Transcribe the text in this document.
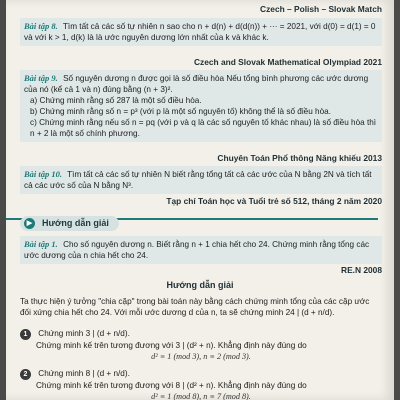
Czech – Polish – Slovak Match
Bài tập 8. Tìm tất cả các số tự nhiên n sao cho n + d(n) + d(d(n)) + ··· = 2021, với d(0) = d(1) = 0 và với k > 1, d(k) là là ước nguyên dương lớn nhất của k và khác k.
Czech and Slovak Mathematical Olympiad 2021
Bài tập 9. Số nguyên dương n được gọi là số điều hòa Nếu tổng bình phương các ước dương của nó (kể cả 1 và n) đúng bằng (n + 3)².
a) Chứng minh rằng số 287 là một số điều hòa.
b) Chứng minh rằng số n = p³ (với p là một số nguyên tố) không thể là số điều hòa.
c) Chứng minh rằng nếu số n = pq (với p và q là các số nguyên tố khác nhau) là số điều hòa thì n + 2 là một số chính phương.
Chuyên Toán Phổ thông Năng khiếu 2013
Bài tập 10. Tìm tất cả các số tự nhiên N biết rằng tổng tất cả các ước của N bằng 2N và tích tất cả các ước số của N bằng N³.
Tạp chí Toán học và Tuổi trẻ số 512, tháng 2 năm 2020
▶	Hướng dẫn giải
Bài tập 1. Cho số nguyên dương n. Biết rằng n + 1 chia hết cho 24. Chứng minh rằng tổng các ước dương của n chia hết cho 24.
RE.N 2008
Hướng dẫn giải
Ta thực hiện ý tưởng "chia cặp" trong bài toán này bằng cách chứng minh tổng của các cặp ước đối xứng chia hết cho 24. Với mỗi ước dương d của n, ta sẽ chứng minh 24 | (d + n/d).
1 Chứng minh 3 | (d + n/d).
Chứng minh kế trên tương đương với 3 | (d² + n). Khẳng định này đúng do
d² ≡ 1 (mod 3), n ≡ 2 (mod 3).
2 Chứng minh 8 | (d + n/d).
Chứng minh kế trên tương đương với 8 | (d² + n). Khẳng định này đúng do
d² ≡ 1 (mod 8), n ≡ 7 (mod 8).
